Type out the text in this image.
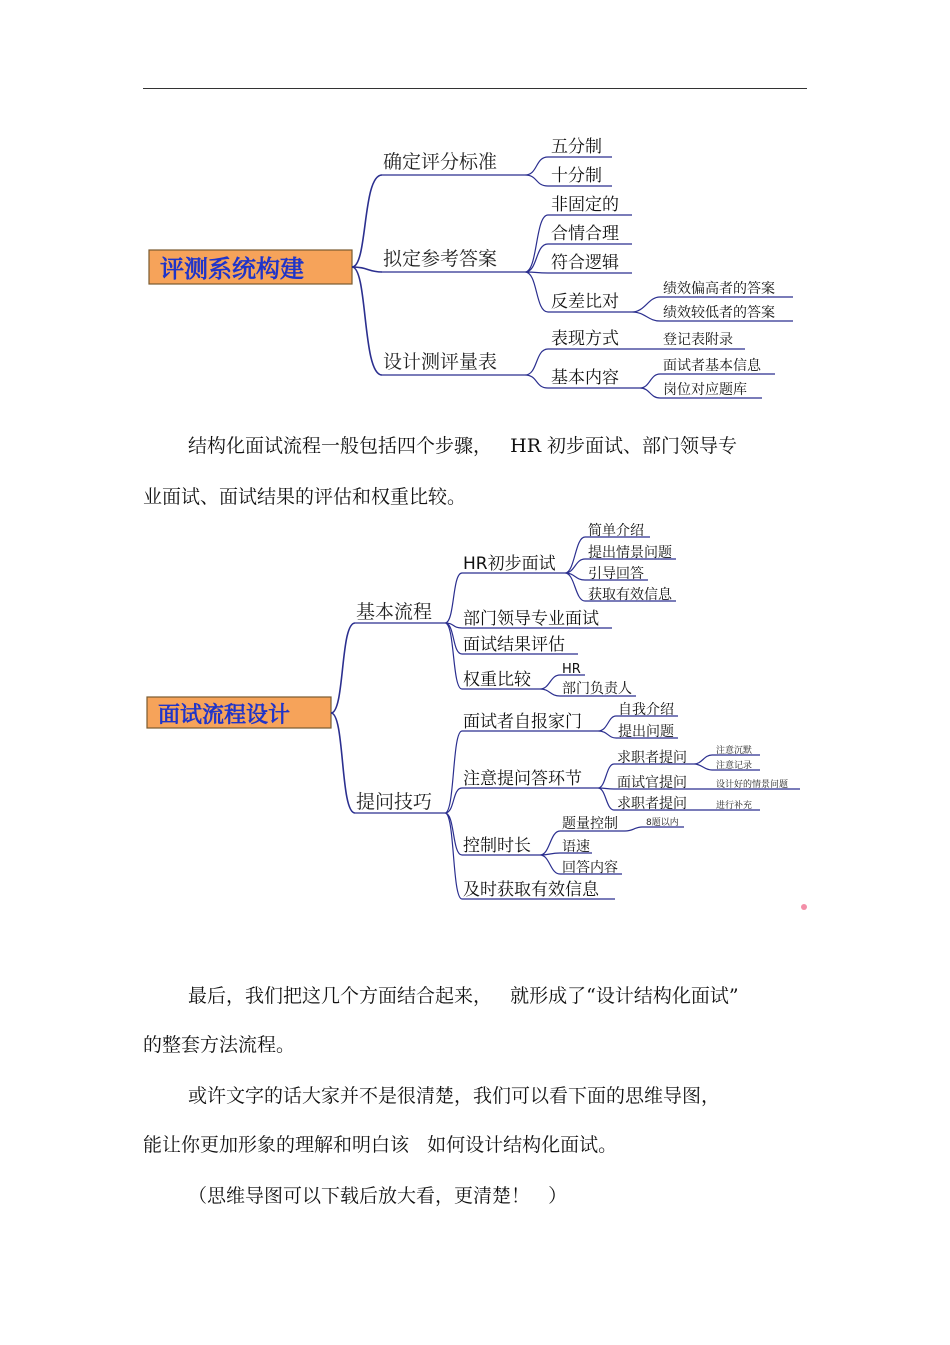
评测系统构建
确定评分标准
拟定参考答案
设计测评量表
五分制
十分制
非固定的
合情合理
符合逻辑
反差比对
绩效偏高者的答案
绩效较低者的答案
表现方式
基本内容
登记表附录
面试者基本信息
岗位对应题库
结构化面试流程一般包括四个步骤，   HR 初步面试、部门领导专
业面试、面试结果的评估和权重比较。
面试流程设计
基本流程
提问技巧
HR初步面试
部门领导专业面试
面试结果评估
权重比较
简单介绍
提出情景问题
引导回答
获取有效信息
HR
部门负责人
面试者自报家门
注意提问答环节
控制时长
及时获取有效信息
自我介绍
提出问题
求职者提问
面试官提问
求职者提问
注意沉默
注意记录
设计好的情景问题
进行补充
题量控制
语速
回答内容
8题以内
最后，我们把这几个方面结合起来，   就形成了“设计结构化面试”
的整套方法流程。
或许文字的话大家并不是很清楚，我们可以看下面的思维导图，
能让你更加形象的理解和明白该   如何设计结构化面试。
（思维导图可以下载后放大看，更清楚！   ）
